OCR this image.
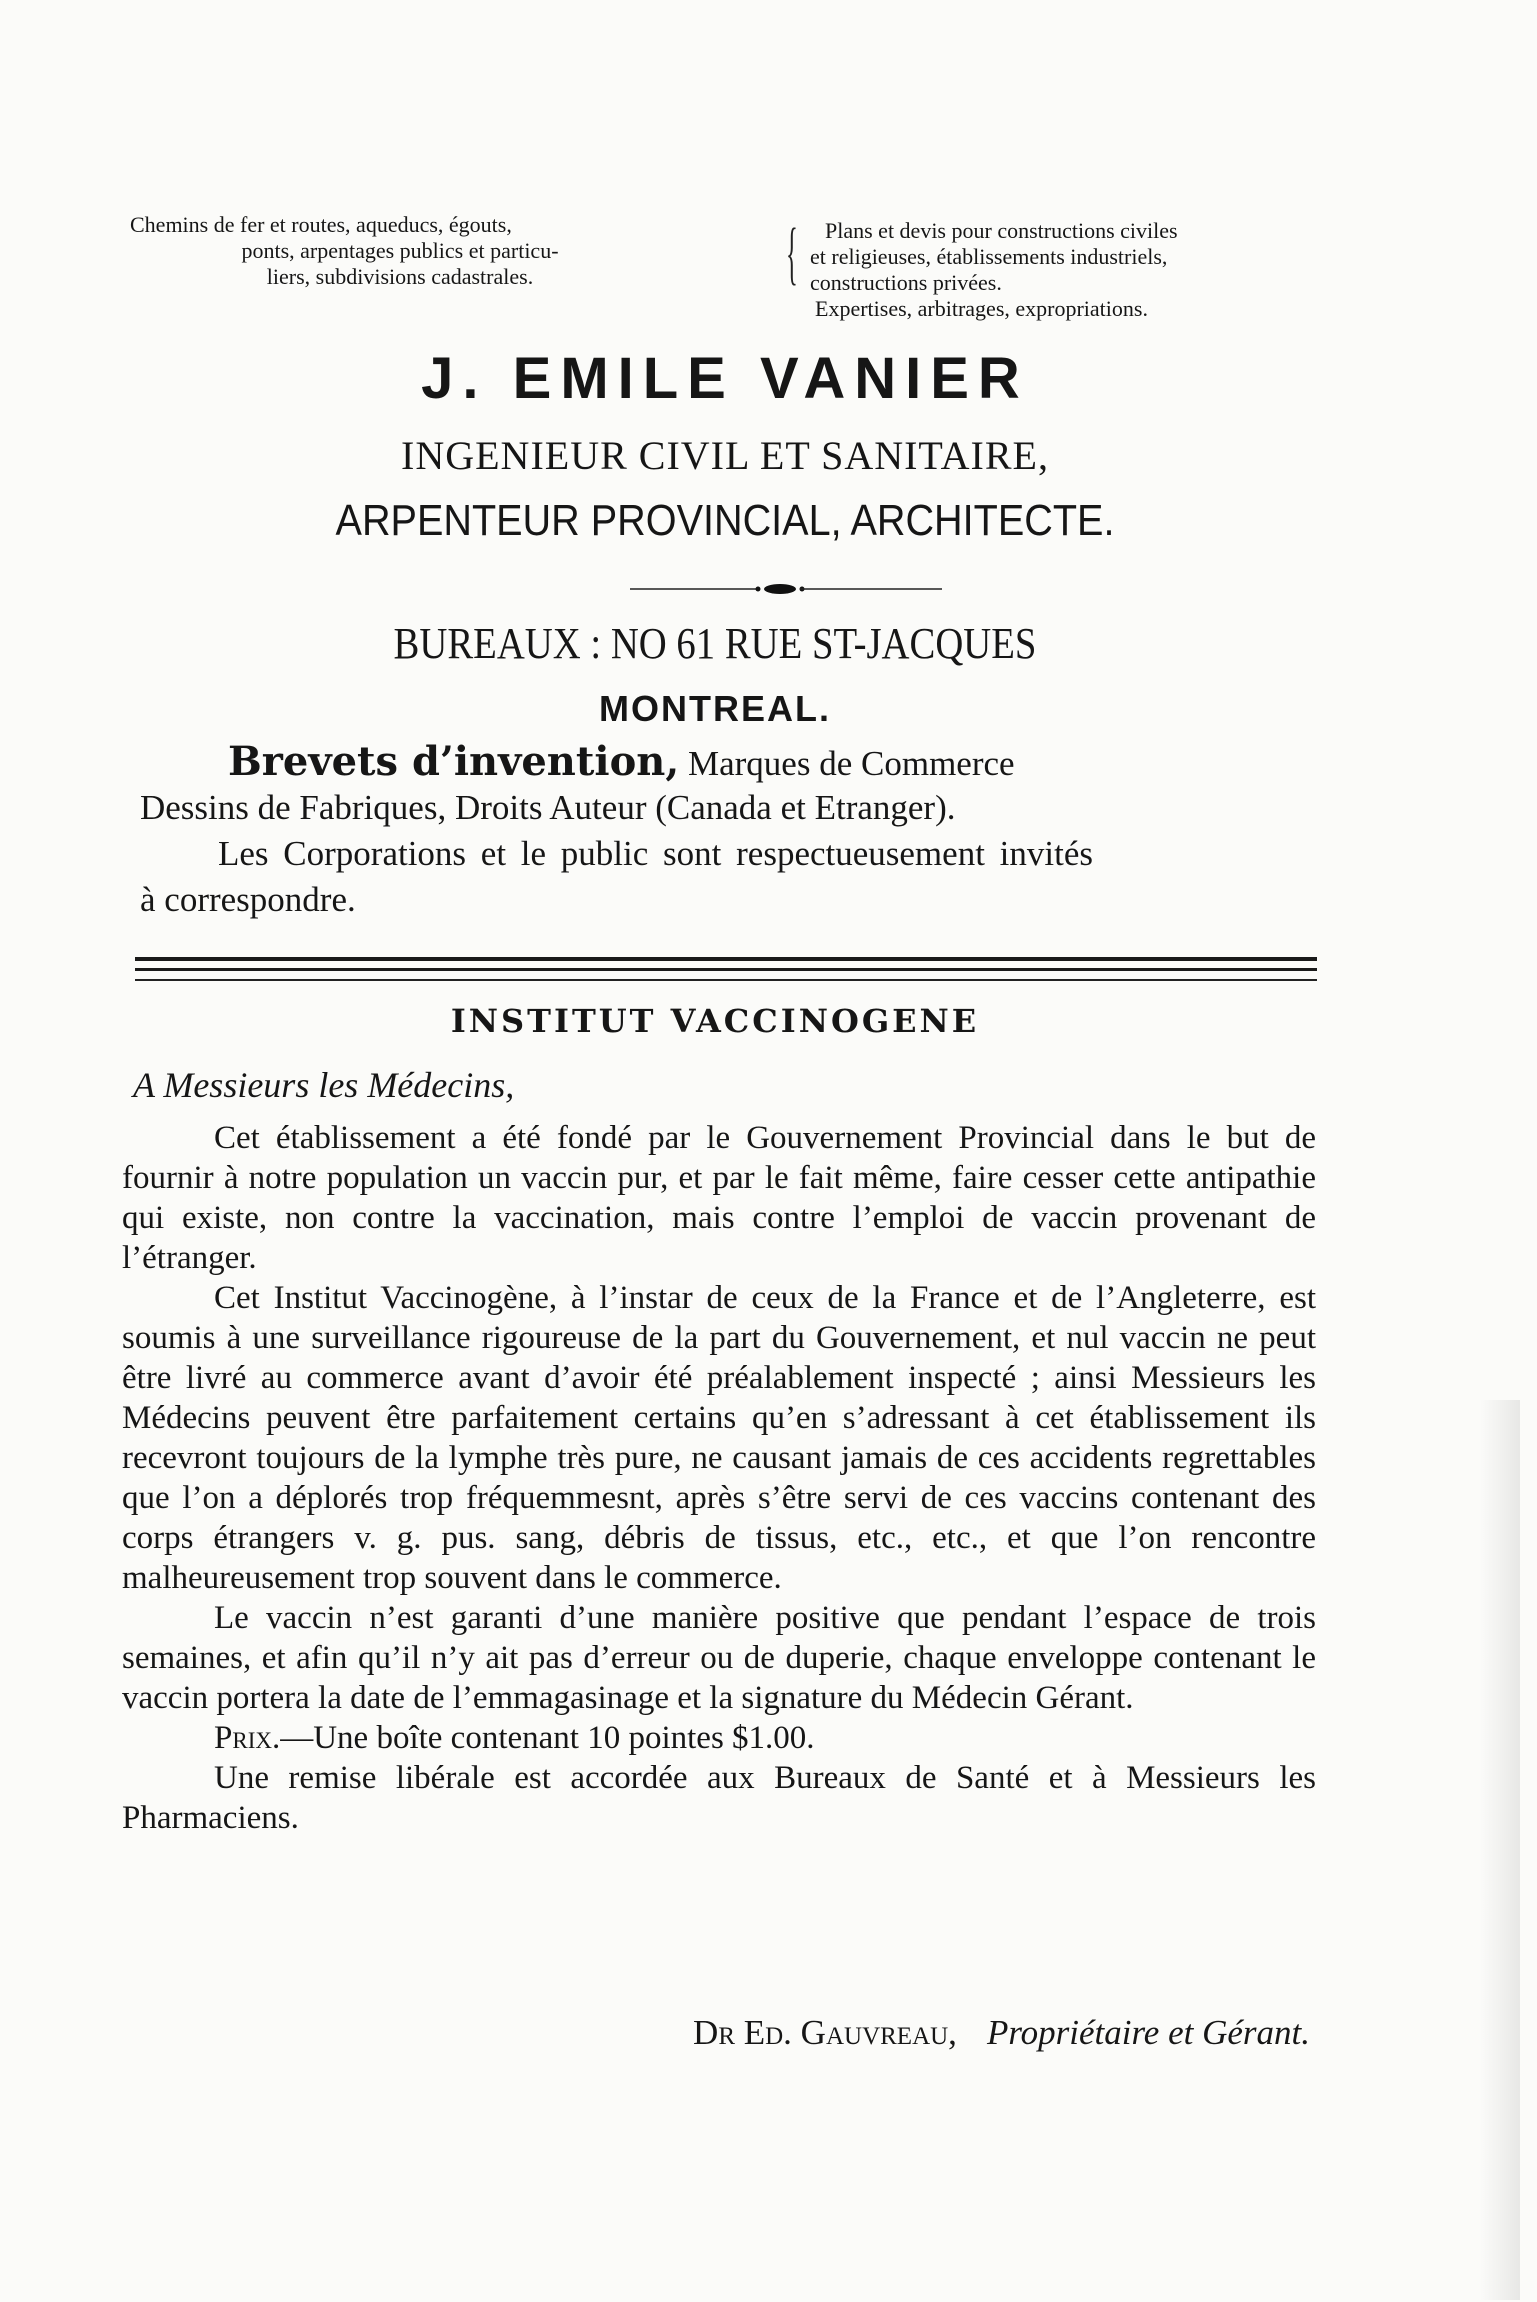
Chemins de fer et routes, aqueducs, égouts,
ponts, arpentages publics et particu-
liers, subdivisions cadastrales.	{	Plans et devis pour constructions civiles
et religieuses, établissements industriels,
constructions privées.
Expertises, arbitrages, expropriations.
J. EMILE VANIER
INGENIEUR CIVIL ET SANITAIRE,
ARPENTEUR PROVINCIAL, ARCHITECTE.
BUREAUX : NO 61 RUE ST-JACQUES
MONTREAL.
Brevets d’invention, Marques de Commerce
Dessins de Fabriques, Droits Auteur (Canada et Etranger).
Les Corporations et le public sont respectueusement invités
à correspondre.
INSTITUT VACCINOGENE
A Messieurs les Médecins,

Cet établissement a été fondé par le Gouvernement Provincial dans le but de fournir à notre population un vaccin pur, et par le fait même, faire cesser cette antipathie qui existe, non contre la vaccination, mais contre l’emploi de vaccin provenant de l’étranger.

Cet Institut Vaccinogène, à l’instar de ceux de la France et de l’Angleterre, est soumis à une surveillance rigoureuse de la part du Gouvernement, et nul vaccin ne peut être livré au commerce avant d’avoir été préalablement inspecté ; ainsi Messieurs les Médecins peuvent être parfaitement certains qu’en s’adressant à cet établissement ils recevront toujours de la lymphe très pure, ne causant jamais de ces accidents regrettables que l’on a déplorés trop fréquemmesnt, après s’être servi de ces vaccins contenant des corps étrangers v. g. pus. sang, débris de tissus, etc., etc., et que l’on rencontre malheureusement trop souvent dans le commerce.

Le vaccin n’est garanti d’une manière positive que pendant l’espace de trois semaines, et afin qu’il n’y ait pas d’erreur ou de duperie, chaque enveloppe contenant le vaccin portera la date de l’emmagasinage et la signature du Médecin Gérant.

Prix.—Une boîte contenant 10 pointes $1.00.

Une remise libérale est accordée aux Bureaux de Santé et à Messieurs les Pharmaciens.

Dr Ed. Gauvreau, Propriétaire et Gérant.
